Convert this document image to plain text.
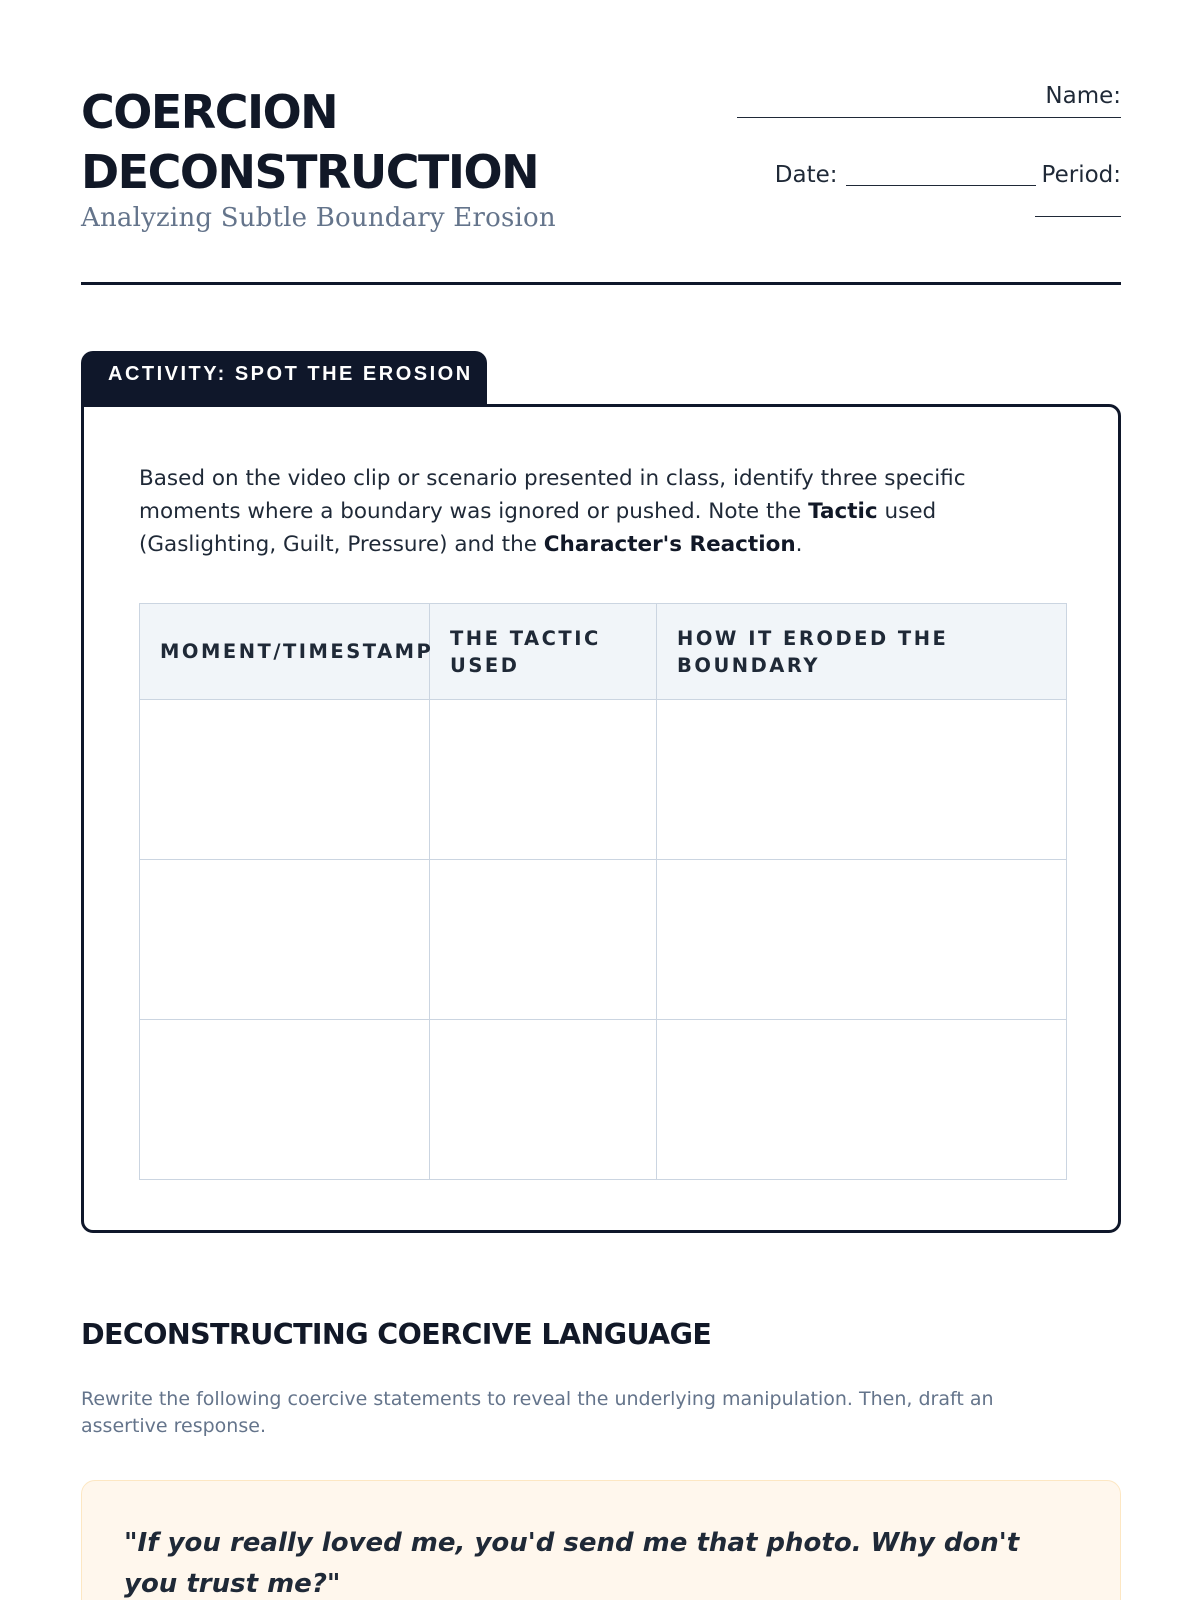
COERCION
DECONSTRUCTION
Analyzing Subtle Boundary Erosion
Name:
Date:	Period:
ACTIVITY: SPOT THE EROSION

Based on the video clip or scenario presented in class, identify three specific moments where a boundary was ignored or pushed. Note the Tactic used (Gaslighting, Guilt, Pressure) and the Character's Reaction.

MOMENT/TIMESTAMP	THE TACTIC USED	HOW IT ERODED THE BOUNDARY

DECONSTRUCTING COERCIVE LANGUAGE

Rewrite the following coercive statements to reveal the underlying manipulation. Then, draft an assertive response.

"If you really loved me, you'd send me that photo. Why don't you trust me?"
